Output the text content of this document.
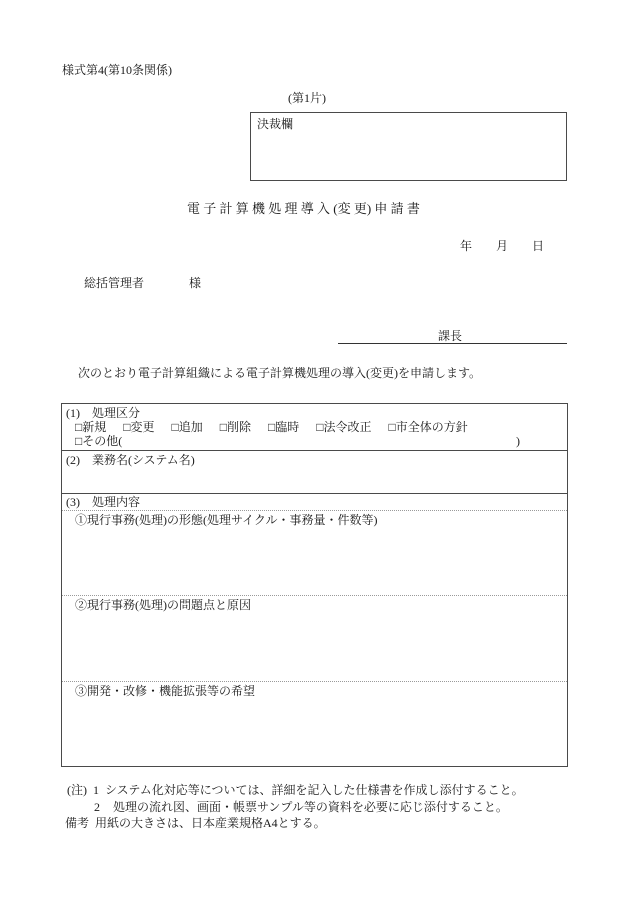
様式第4(第10条関係)
(第1片)
決裁欄
電 子 計 算 機 処 理 導 入 (変 更) 申 請 書
年 月 日
総括管理者	様
課長
次のとおり電子計算組織による電子計算機処理の導入(変更)を申請します。
(1)　処理区分
□新規 □変更 □追加 □削除 □臨時 □法令改正 □市全体の方針
□その他(	)
(2)　業務名(システム名)
(3)　処理内容
①現行事務(処理)の形態(処理サイクル・事務量・件数等)
②現行事務(処理)の問題点と原因
③開発・改修・機能拡張等の希望
(注) 1 システム化対応等については、詳細を記入した仕様書を作成し添付すること。
2 処理の流れ図、画面・帳票サンプル等の資料を必要に応じ添付すること。
備考 用紙の大きさは、日本産業規格A4とする。
